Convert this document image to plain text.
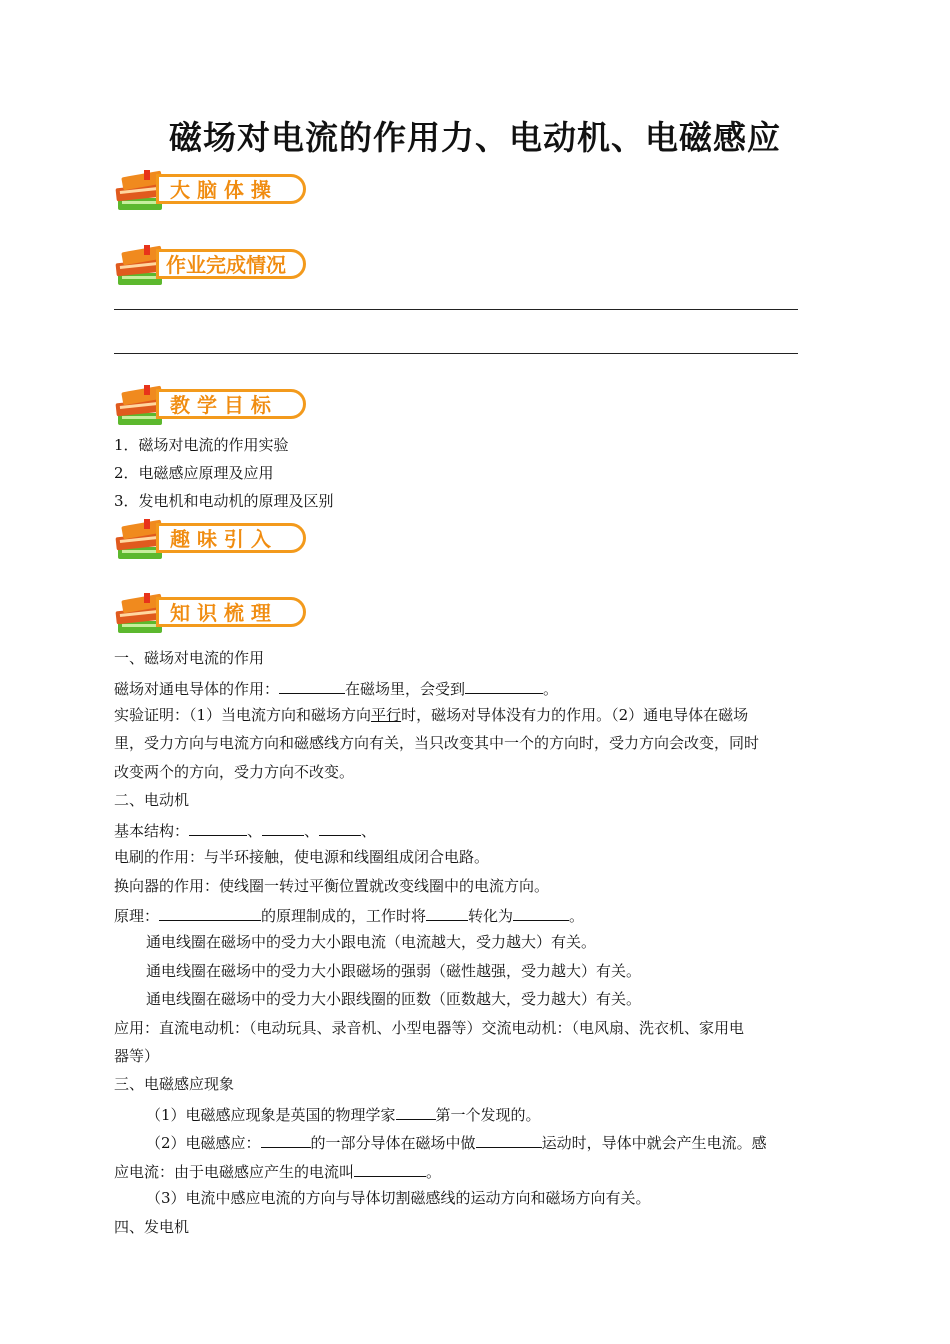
磁场对电流的作用力、电动机、电磁感应
大 脑 体 操
作业完成情况
教 学 目 标
1．磁场对电流的作用实验
2．电磁感应原理及应用
3．发电机和电动机的原理及区别
趣 味 引 入
知 识 梳 理
一、磁场对电流的作用
磁场对通电导体的作用：	在磁场里，会受到	。
实验证明：（1）当电流方向和磁场方向平行时，磁场对导体没有力的作用。（2）通电导体在磁场
里，受力方向与电流方向和磁感线方向有关，当只改变其中一个的方向时，受力方向会改变，同时
改变两个的方向，受力方向不改变。
二、电动机
基本结构：	、	、	、
电刷的作用：与半环接触，使电源和线圈组成闭合电路。
换向器的作用：使线圈一转过平衡位置就改变线圈中的电流方向。
原理：	的原理制成的，工作时将	转化为	。
通电线圈在磁场中的受力大小跟电流（电流越大，受力越大）有关。
通电线圈在磁场中的受力大小跟磁场的强弱（磁性越强，受力越大）有关。
通电线圈在磁场中的受力大小跟线圈的匝数（匝数越大，受力越大）有关。
应用：直流电动机：（电动玩具、录音机、小型电器等）交流电动机：（电风扇、洗衣机、家用电
器等）
三、电磁感应现象
（1）电磁感应现象是英国的物理学家	第一个发现的。
（2）电磁感应：	的一部分导体在磁场中做	运动时，导体中就会产生电流。感
应电流：由于电磁感应产生的电流叫	。
（3）电流中感应电流的方向与导体切割磁感线的运动方向和磁场方向有关。
四、发电机
